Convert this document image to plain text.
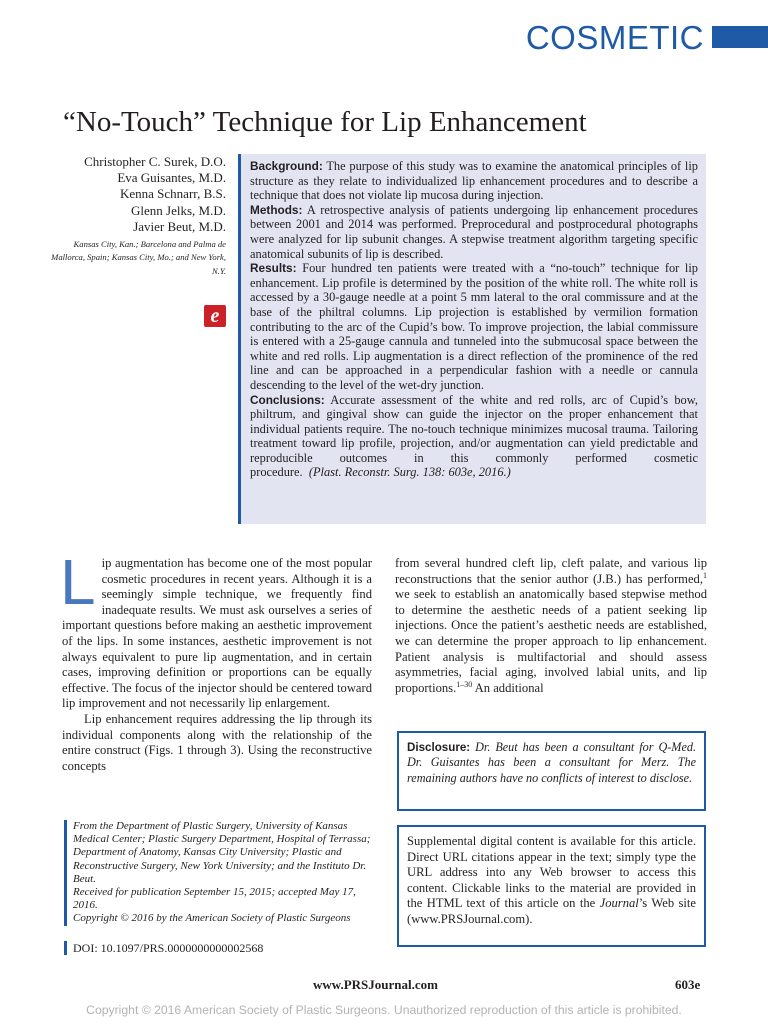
COSMETIC
“No-Touch” Technique for Lip Enhancement
Christopher C. Surek, D.O.
Eva Guisantes, M.D.
Kenna Schnarr, B.S.
Glenn Jelks, M.D.
Javier Beut, M.D.
Kansas City, Kan.; Barcelona and Palma de Mallorca, Spain; Kansas City, Mo.; and New York, N.Y.
e

Background: The purpose of this study was to examine the anatomical principles of lip structure as they relate to individualized lip enhancement procedures and to describe a technique that does not violate lip mucosa during injection.

Methods: A retrospective analysis of patients undergoing lip enhancement procedures between 2001 and 2014 was performed. Preprocedural and postprocedural photographs were analyzed for lip subunit changes. A stepwise treatment algorithm targeting specific anatomical subunits of lip is described.

Results: Four hundred ten patients were treated with a “no-touch” technique for lip enhancement. Lip profile is determined by the position of the white roll. The white roll is accessed by a 30-gauge needle at a point 5 mm lateral to the oral commissure and at the base of the philtral columns. Lip projection is established by vermilion formation contributing to the arc of the Cupid’s bow. To improve projection, the labial commissure is entered with a 25-gauge cannula and tunneled into the submucosal space between the white and red rolls. Lip augmentation is a direct reflection of the prominence of the red line and can be approached in a perpendicular fashion with a needle or cannula descending to the level of the wet-dry junction.

Conclusions: Accurate assessment of the white and red rolls, arc of Cupid’s bow, philtrum, and gingival show can guide the injector on the proper enhancement that individual patients require. The no-touch technique minimizes mucosal trauma. Tailoring treatment toward lip profile, projection, and/or augmentation can yield predictable and reproducible outcomes in this commonly performed cosmetic procedure. (Plast. Reconstr. Surg. 138: 603e, 2016.)

Lip augmentation has become one of the most popular cosmetic procedures in recent years. Although it is a seemingly simple technique, we frequently find inadequate results. We must ask ourselves a series of important questions before making an aesthetic improvement of the lips. In some instances, aesthetic improvement is not always equivalent to pure lip augmentation, and in certain cases, improving definition or proportions can be equally effective. The focus of the injector should be centered toward lip improvement and not necessarily lip enlargement.

Lip enhancement requires addressing the lip through its individual components along with the relationship of the entire construct (Figs. 1 through 3). Using the reconstructive concepts

from several hundred cleft lip, cleft palate, and various lip reconstructions that the senior author (J.B.) has performed,$^1$ we seek to establish an anatomically based stepwise method to determine the aesthetic needs of a patient seeking lip injections. Once the patient’s aesthetic needs are established, we can determine the proper approach to lip enhancement. Patient analysis is multifactorial and should assess asymmetries, facial aging, involved labial units, and lip proportions.$^{1-30}$ An additional

From the Department of Plastic Surgery, University of Kansas Medical Center; Plastic Surgery Department, Hospital of Terrassa; Department of Anatomy, Kansas City University; Plastic and Reconstructive Surgery, New York University; and the Instituto Dr. Beut.

Received for publication September 15, 2015; accepted May 17, 2016.

Copyright © 2016 by the American Society of Plastic Surgeons

DOI: 10.1097/PRS.0000000000002568
Disclosure: Dr. Beut has been a consultant for Q-Med. Dr. Guisantes has been a consultant for Merz. The remaining authors have no conflicts of interest to disclose.
Supplemental digital content is available for this article. Direct URL citations appear in the text; simply type the URL address into any Web browser to access this content. Clickable links to the material are provided in the HTML text of this article on the Journal’s Web site (www.PRSJournal.com).
www.PRSJournal.com	603e
Copyright © 2016 American Society of Plastic Surgeons. Unauthorized reproduction of this article is prohibited.
